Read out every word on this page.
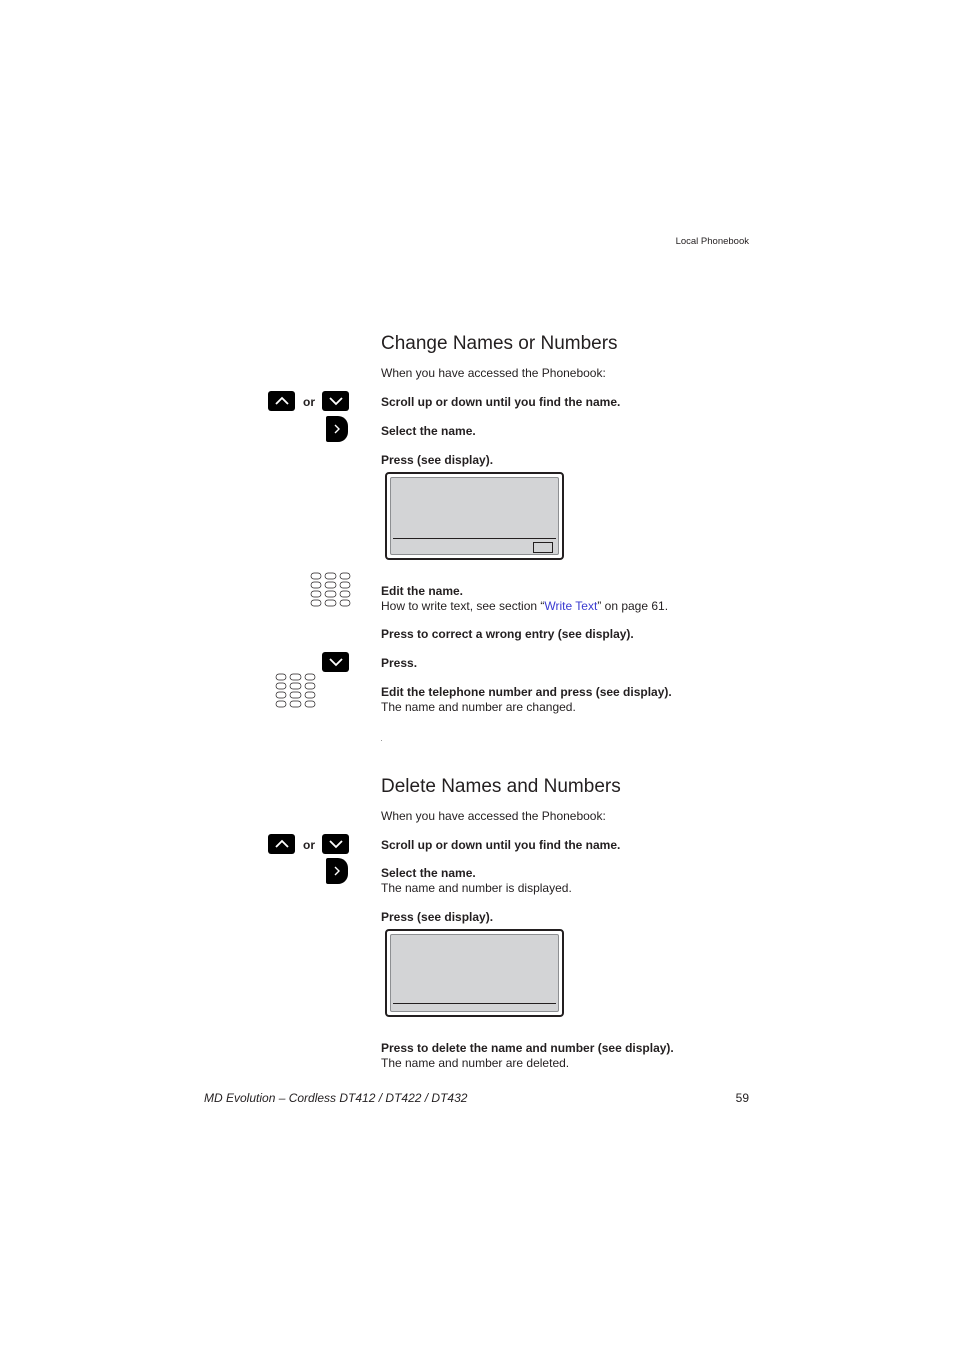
Local Phonebook
Change Names or Numbers
When you have accessed the Phonebook:
or	Scroll up or down until you find the name.
Select the name.
Press (see display).
Edit the name.
How to write text, see section “Write Text” on page 61.
Press to correct a wrong entry (see display).
Press.
Edit the telephone number and press (see display).
The name and number are changed.
Delete Names and Numbers
When you have accessed the Phonebook:
or	Scroll up or down until you find the name.
Select the name.
The name and number is displayed.
Press (see display).
Press to delete the name and number (see display).
The name and number are deleted.
MD Evolution – Cordless DT412 / DT422 / DT432	59
